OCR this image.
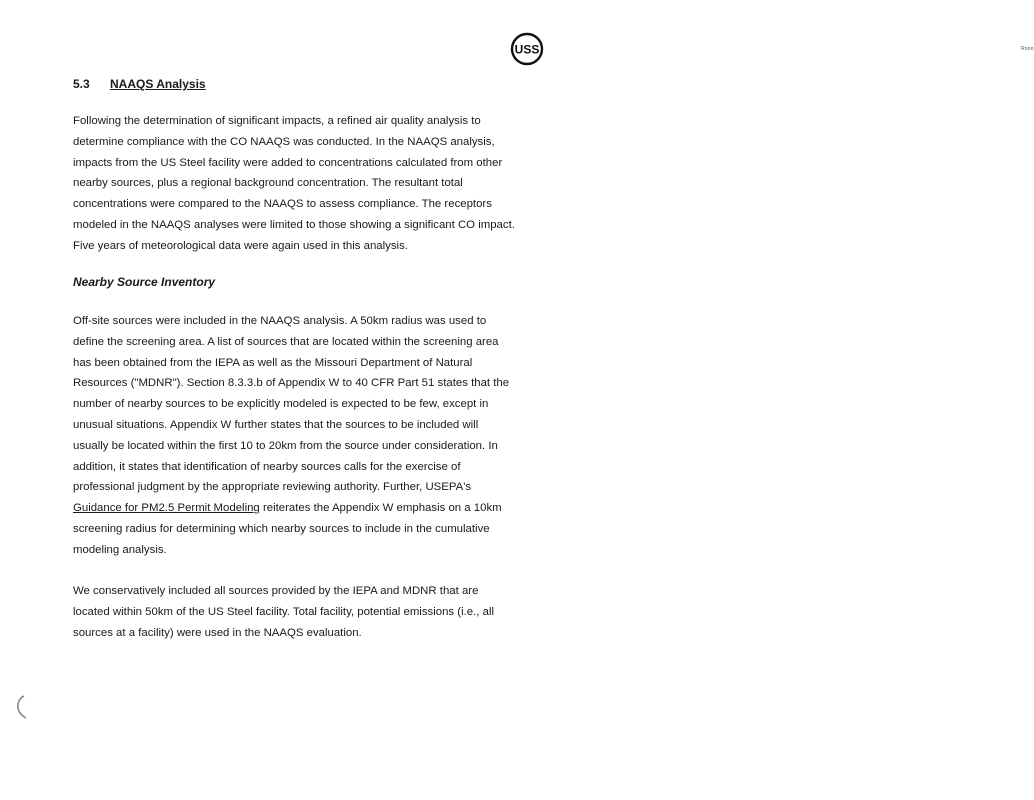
Rooo
USS
5.3 NAAQS Analysis
Following the determination of significant impacts, a refined air quality analysis to
determine compliance with the CO NAAQS was conducted. In the NAAQS analysis,
impacts from the US Steel facility were added to concentrations calculated from other
nearby sources, plus a regional background concentration. The resultant total
concentrations were compared to the NAAQS to assess compliance. The receptors
modeled in the NAAQS analyses were limited to those showing a significant CO impact.
Five years of meteorological data were again used in this analysis.
Nearby Source Inventory
Off-site sources were included in the NAAQS analysis. A 50km radius was used to
define the screening area. A list of sources that are located within the screening area
has been obtained from the IEPA as well as the Missouri Department of Natural
Resources ("MDNR"). Section 8.3.3.b of Appendix W to 40 CFR Part 51 states that the
number of nearby sources to be explicitly modeled is expected to be few, except in
unusual situations. Appendix W further states that the sources to be included will
usually be located within the first 10 to 20km from the source under consideration. In
addition, it states that identification of nearby sources calls for the exercise of
professional judgment by the appropriate reviewing authority. Further, USEPA's
Guidance for PM2.5 Permit Modeling reiterates the Appendix W emphasis on a 10km
screening radius for determining which nearby sources to include in the cumulative
modeling analysis.
We conservatively included all sources provided by the IEPA and MDNR that are
located within 50km of the US Steel facility. Total facility, potential emissions (i.e., all
sources at a facility) were used in the NAAQS evaluation.
